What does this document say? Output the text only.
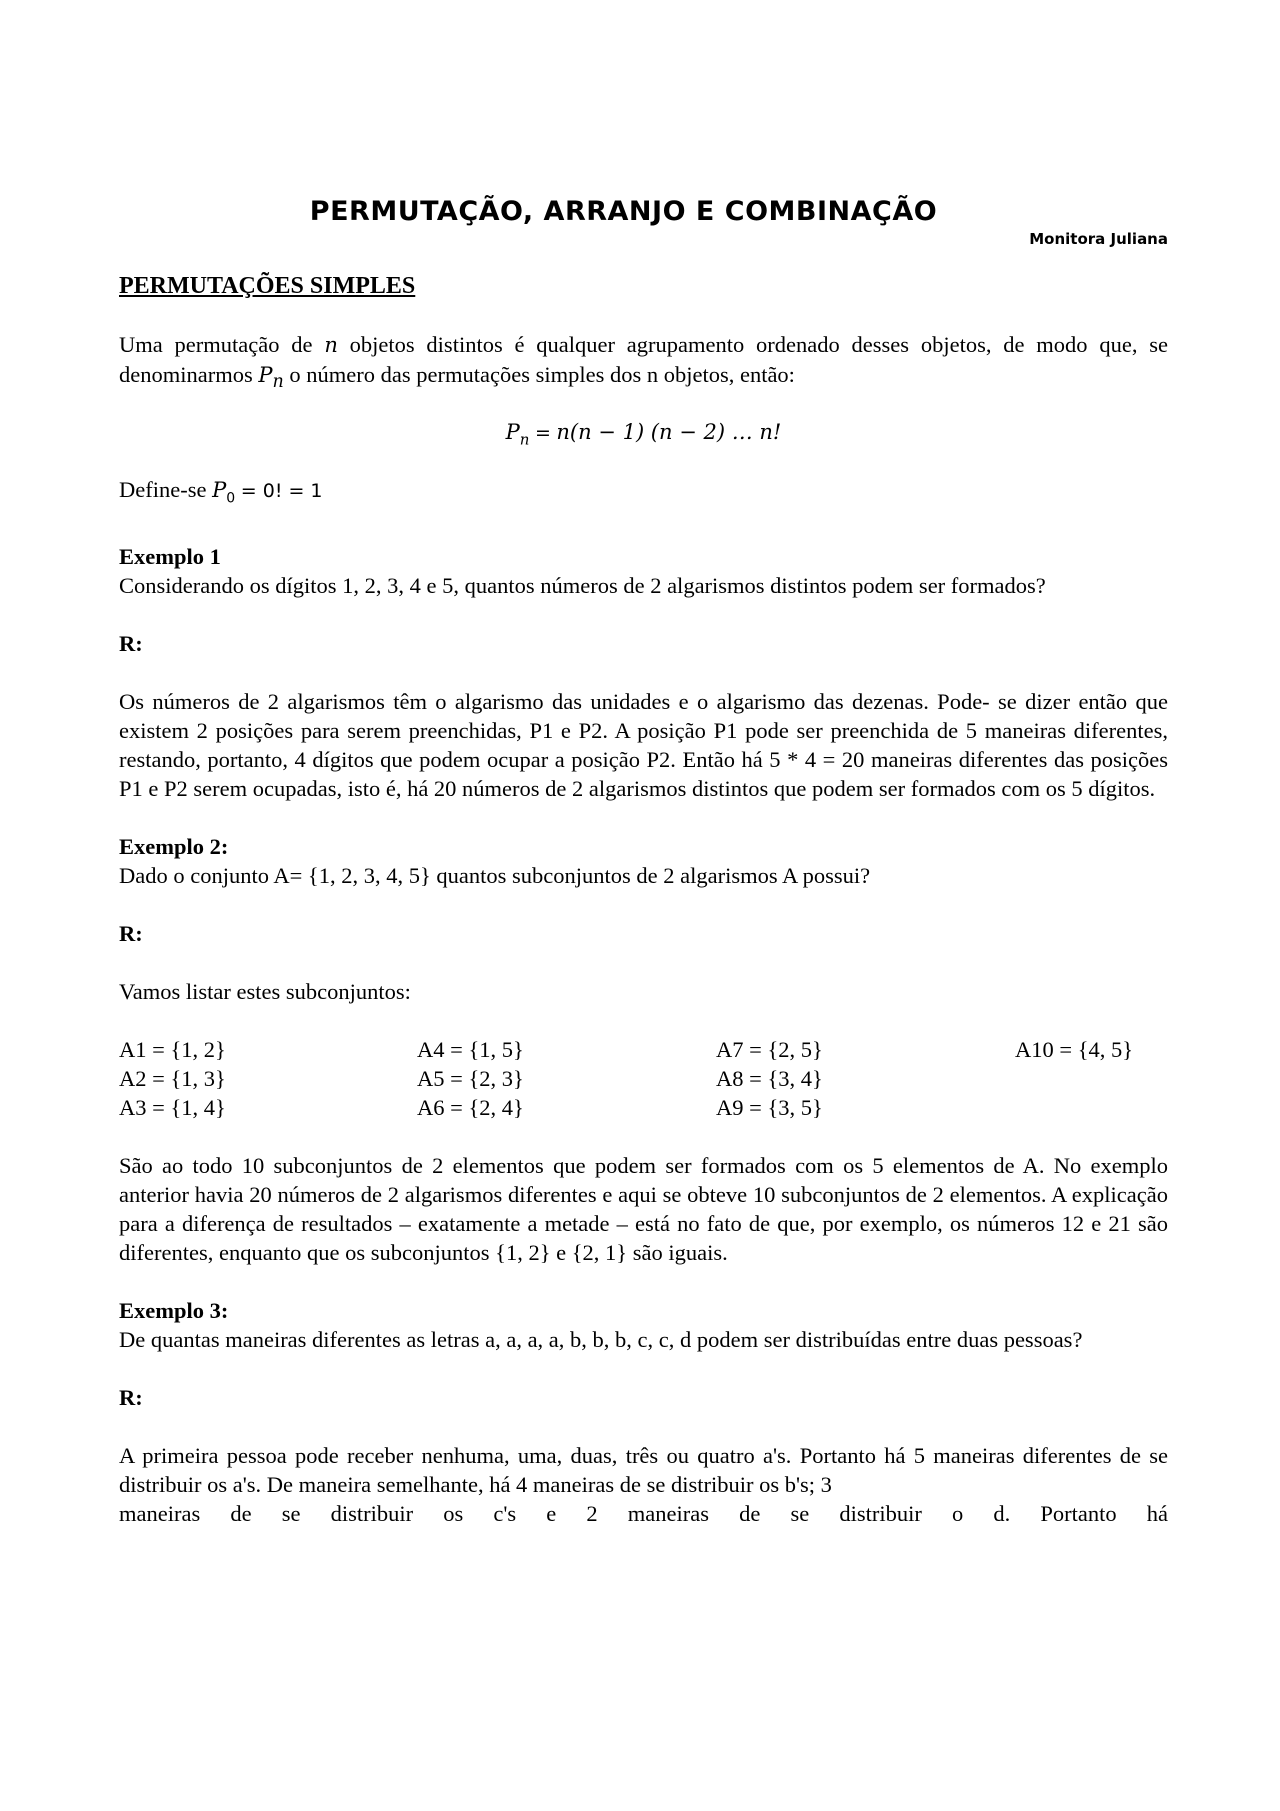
PERMUTAÇÃO, ARRANJO E COMBINAÇÃO
Monitora Juliana
PERMUTAÇÕES SIMPLES

Uma permutação de n objetos distintos é qualquer agrupamento ordenado desses objetos, de modo que, se denominarmos $P_n$ o número das permutações simples dos n objetos, então:

$P_n = n(n - 1) (n - 2)$ … n!

Define-se $P_0 = 0$! = 1

Exemplo 1

Considerando os dígitos 1, 2, 3, 4 e 5, quantos números de 2 algarismos distintos podem ser formados?

R:

Os números de 2 algarismos têm o algarismo das unidades e o algarismo das dezenas. Pode- se dizer então que existem 2 posições para serem preenchidas, P1 e P2. A posição P1 pode ser preenchida de 5 maneiras diferentes, restando, portanto, 4 dígitos que podem ocupar a posição P2. Então há 5 * 4 = 20 maneiras diferentes das posições P1 e P2 serem ocupadas, isto é, há 20 números de 2 algarismos distintos que podem ser formados com os 5 dígitos.

Exemplo 2:

Dado o conjunto A= {1, 2, 3, 4, 5} quantos subconjuntos de 2 algarismos A possui?

R:

Vamos listar estes subconjuntos:

A1 = {1, 2}	A4 = {1, 5}	A7 = {2, 5}	A10 = {4, 5}
A2 = {1, 3}	A5 = {2, 3}	A8 = {3, 4}
A3 = {1, 4}	A6 = {2, 4}	A9 = {3, 5}

São ao todo 10 subconjuntos de 2 elementos que podem ser formados com os 5 elementos de A. No exemplo anterior havia 20 números de 2 algarismos diferentes e aqui se obteve 10 subconjuntos de 2 elementos. A explicação para a diferença de resultados – exatamente a metade – está no fato de que, por exemplo, os números 12 e 21 são diferentes, enquanto que os subconjuntos {1, 2} e {2, 1} são iguais.

Exemplo 3:

De quantas maneiras diferentes as letras a, a, a, a, b, b, b, c, c, d podem ser distribuídas entre duas pessoas?

R:

A primeira pessoa pode receber nenhuma, uma, duas, três ou quatro a's. Portanto há 5 maneiras diferentes de se distribuir os a's. De maneira semelhante, há 4 maneiras de se distribuir os b's; 3

maneiras de se distribuir os c's e 2 maneiras de se distribuir o d. Portanto há
